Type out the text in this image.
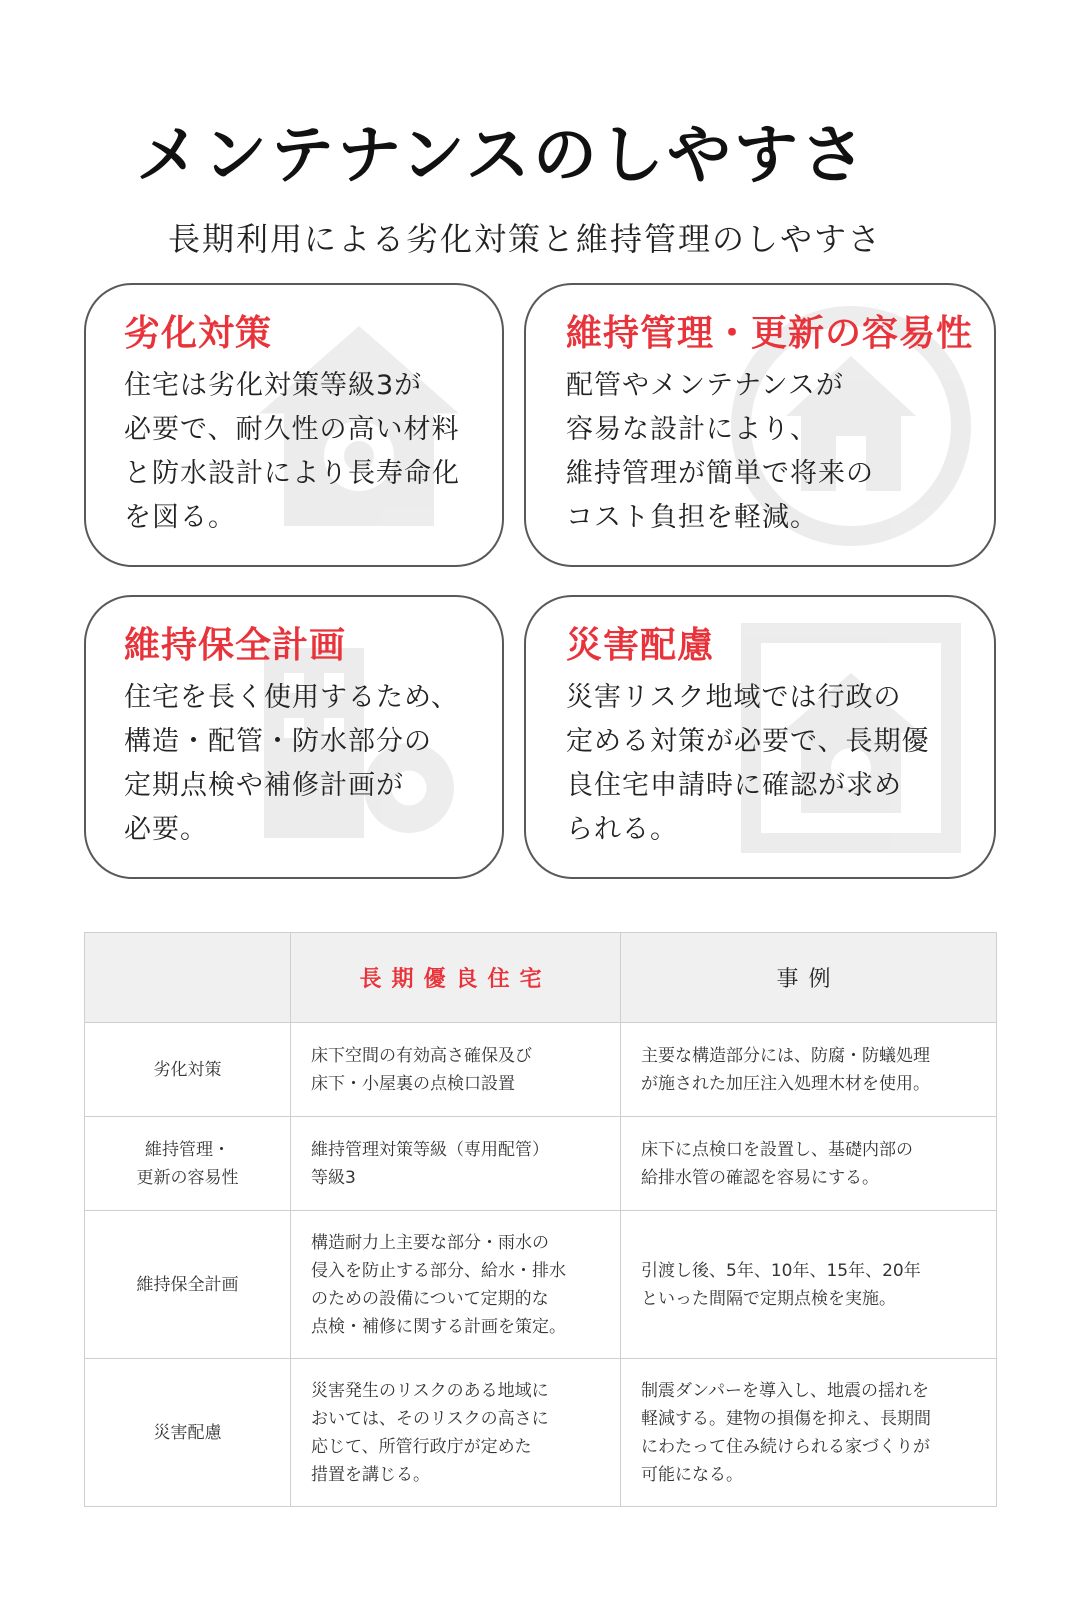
メンテナンスのしやすさ

長期利用による劣化対策と維持管理のしやすさ

劣化対策
住宅は劣化対策等級3が
必要で、耐久性の高い材料
と防水設計により長寿命化
を図る。
維持管理・更新の容易性
配管やメンテナンスが
容易な設計により、
維持管理が簡単で将来の
コスト負担を軽減。
維持保全計画
住宅を長く使用するため、
構造・配管・防水部分の
定期点検や補修計画が
必要。
災害配慮
災害リスク地域では行政の
定める対策が必要で、長期優
良住宅申請時に確認が求め
られる。
	長期優良住宅	事例

劣化対策	床下空間の有効高さ確保及び
床下・小屋裏の点検口設置	主要な構造部分には、防腐・防蟻処理
が施された加圧注入処理木材を使用。

維持管理・
更新の容易性	維持管理対策等級（専用配管）
等級3	床下に点検口を設置し、基礎内部の
給排水管の確認を容易にする。

維持保全計画	構造耐力上主要な部分・雨水の
侵入を防止する部分、給水・排水
のための設備について定期的な
点検・補修に関する計画を策定。	引渡し後、5年、10年、15年、20年
といった間隔で定期点検を実施。

災害配慮	災害発生のリスクのある地域に
おいては、そのリスクの高さに
応じて、所管行政庁が定めた
措置を講じる。	制震ダンパーを導入し、地震の揺れを
軽減する。建物の損傷を抑え、長期間
にわたって住み続けられる家づくりが
可能になる。
